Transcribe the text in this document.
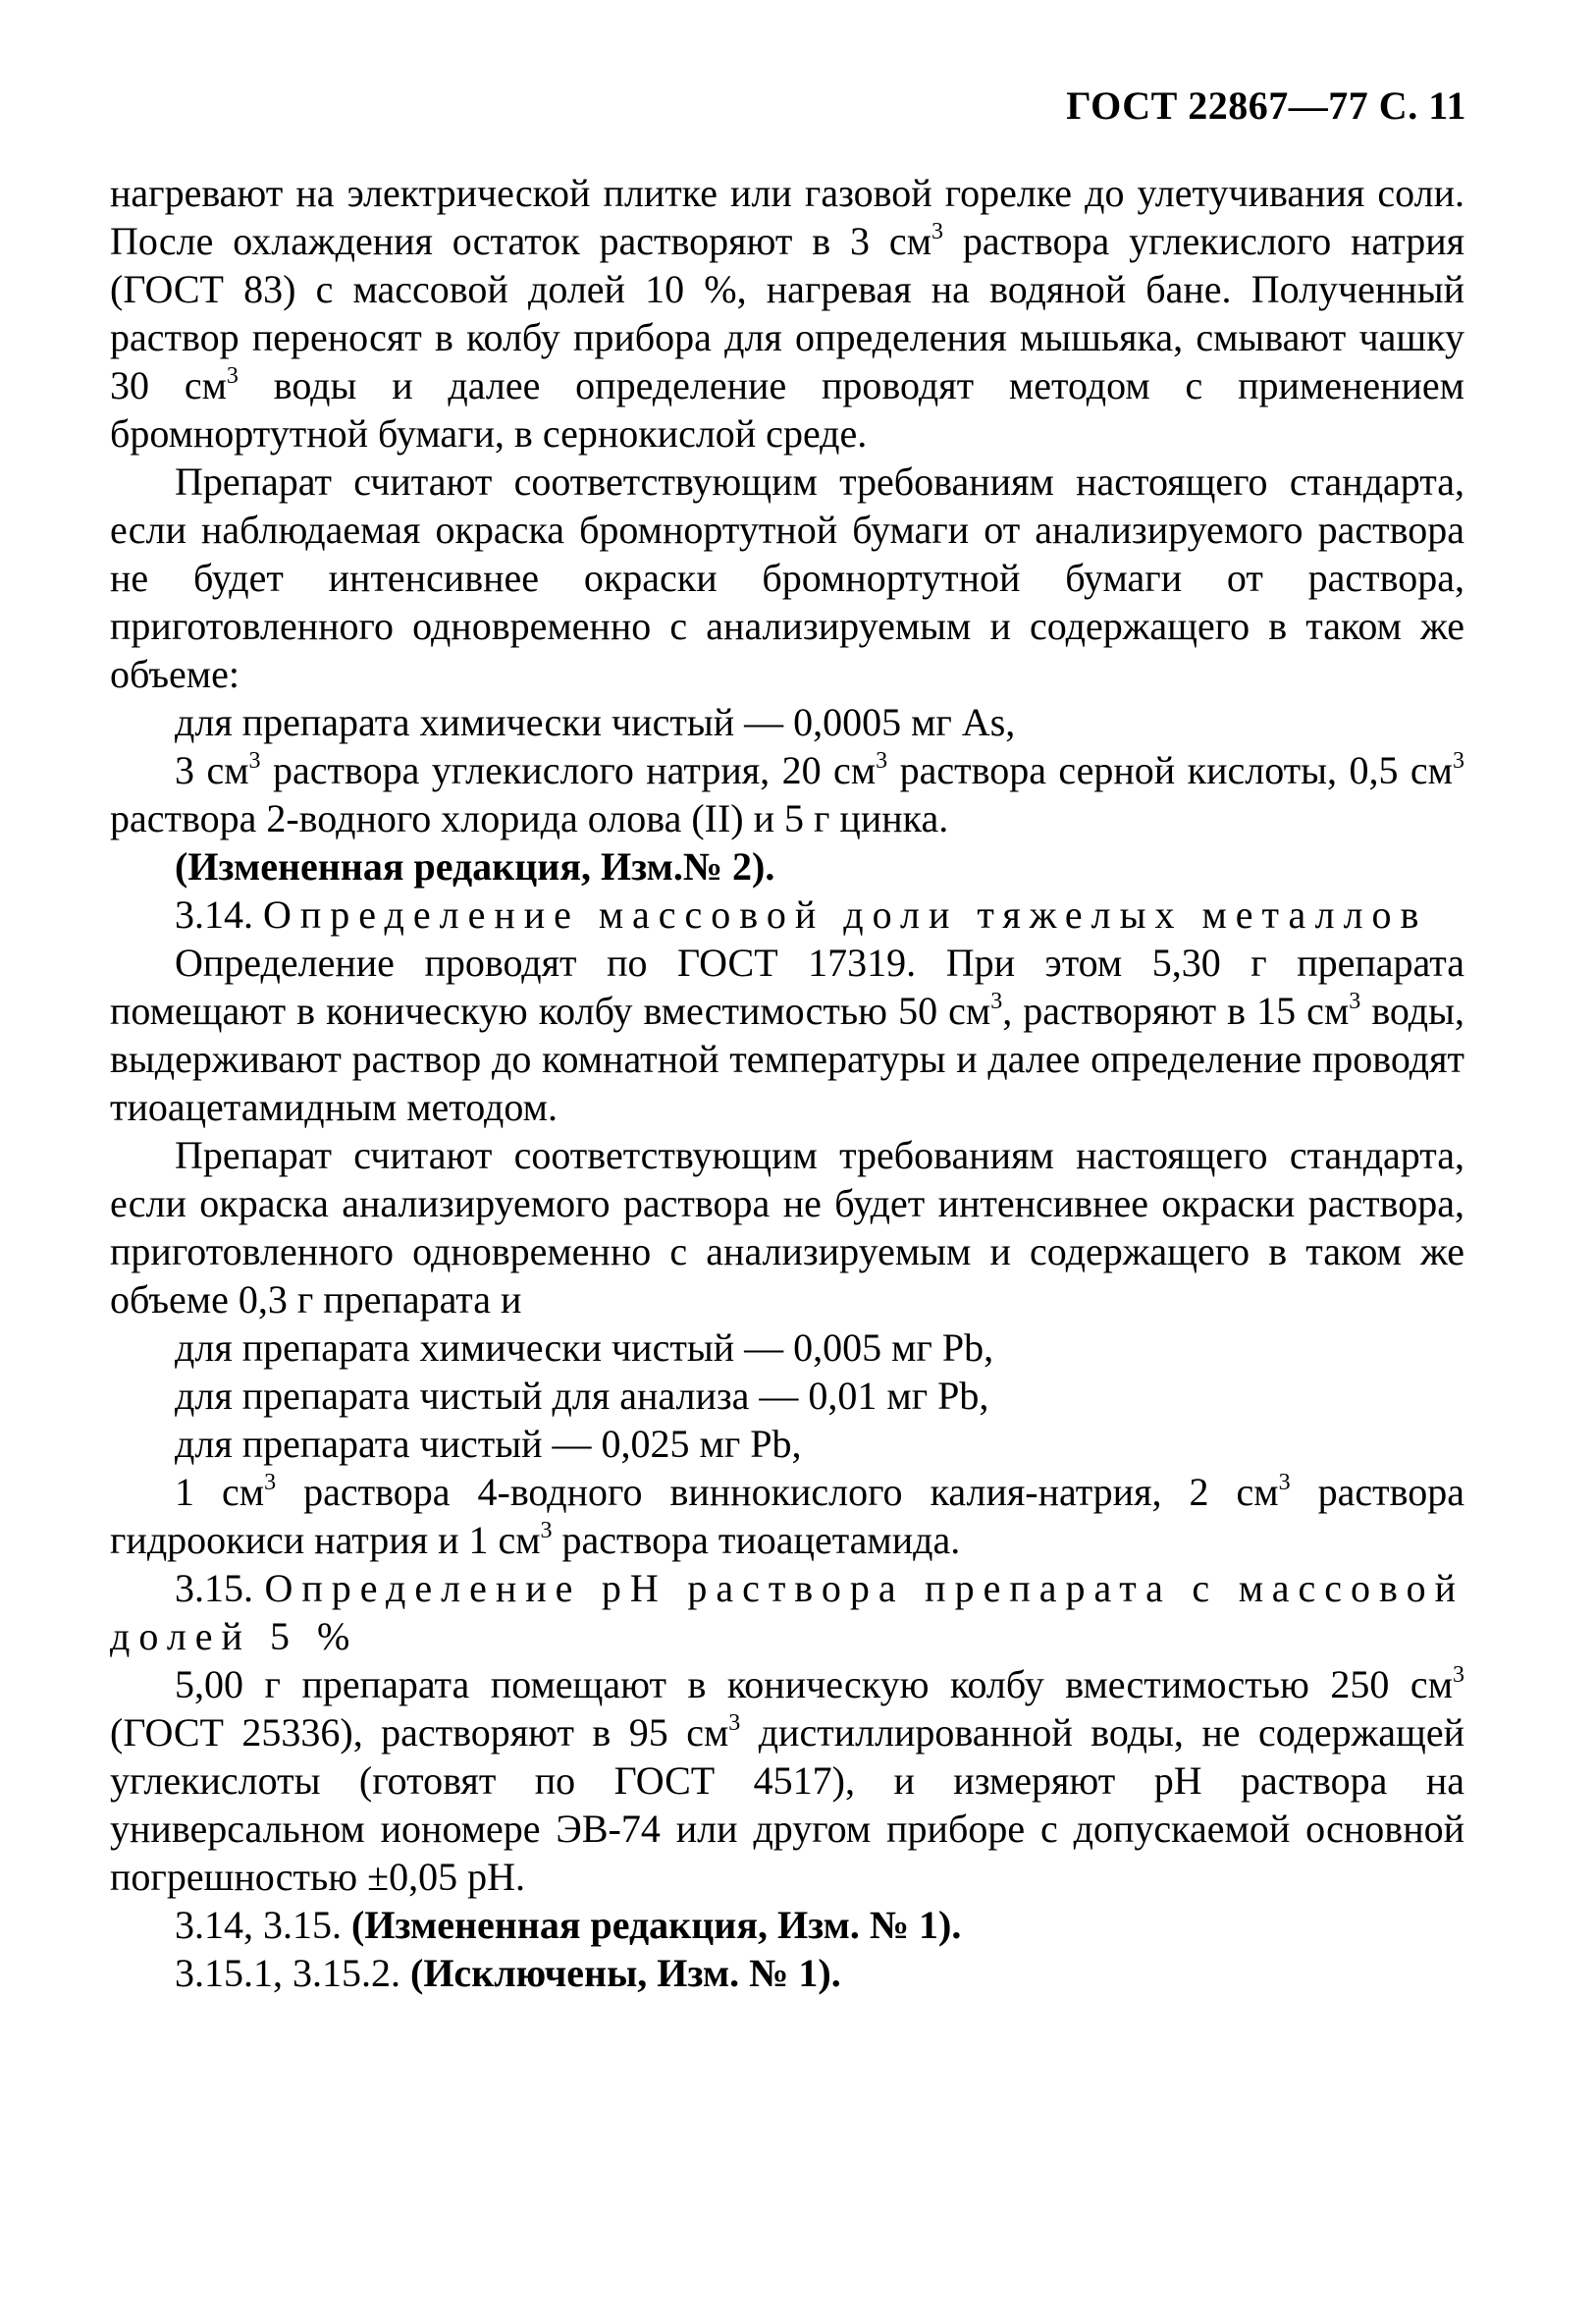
ГОСТ 22867—77 С. 11

нагревают на электрической плитке или газовой горелке до улетучивания соли. После охлаждения остаток растворяют в 3 $см^3$ раствора углекислого натрия (ГОСТ 83) с массовой долей 10 %, нагревая на водяной бане. Полученный раствор переносят в колбу прибора для определения мышьяка, смывают чашку 30 $см^3$ воды и далее определение проводят методом с применением бромнортутной бумаги, в сернокислой среде.

Препарат считают соответствующим требованиям настоящего стандарта, если наблюдаемая окраска бромнортутной бумаги от анализируемого раствора не будет интенсивнее окраски бромнортутной бумаги от раствора, приготовленного одновременно с анализируемым и содержащего в таком же объеме:

для препарата химически чистый — 0,0005 мг As,

3 $см^3$ раствора углекислого натрия, 20 $см^3$ раствора серной кислоты, 0,5 $см^3$ раствора 2-водного хлорида олова (II) и 5 г цинка.

(Измененная редакция, Изм.№ 2).

3.14. Определение массовой доли тяжелых металлов

Определение проводят по ГОСТ 17319. При этом 5,30 г препарата помещают в коническую колбу вместимостью 50 $см^3$, растворяют в 15 $см^3$ воды, выдерживают раствор до комнатной температуры и далее определение проводят тиоацетамидным методом.

Препарат считают соответствующим требованиям настоящего стандарта, если окраска анализируемого раствора не будет интенсивнее окраски раствора, приготовленного одновременно с анализируемым и содержащего в таком же объеме 0,3 г препарата и

для препарата химически чистый — 0,005 мг Pb,

для препарата чистый для анализа — 0,01 мг Pb,

для препарата чистый — 0,025 мг Pb,

1 $см^3$ раствора 4-водного виннокислого калия-натрия, 2 $см^3$ раствора гидроокиси натрия и 1 $см^3$ раствора тиоацетамида.

3.15. Определение рН раствора препарата с массовой долей 5 %

5,00 г препарата помещают в коническую колбу вместимостью 250 $см^3$ (ГОСТ 25336), растворяют в 95 $см^3$ дистиллированной воды, не содержащей углекислоты (готовят по ГОСТ 4517), и измеряют рН раствора на универсальном иономере ЭВ-74 или другом приборе с допускаемой основной погрешностью ±0,05 рН.

3.14, 3.15. (Измененная редакция, Изм. № 1).

3.15.1, 3.15.2. (Исключены, Изм. № 1).
